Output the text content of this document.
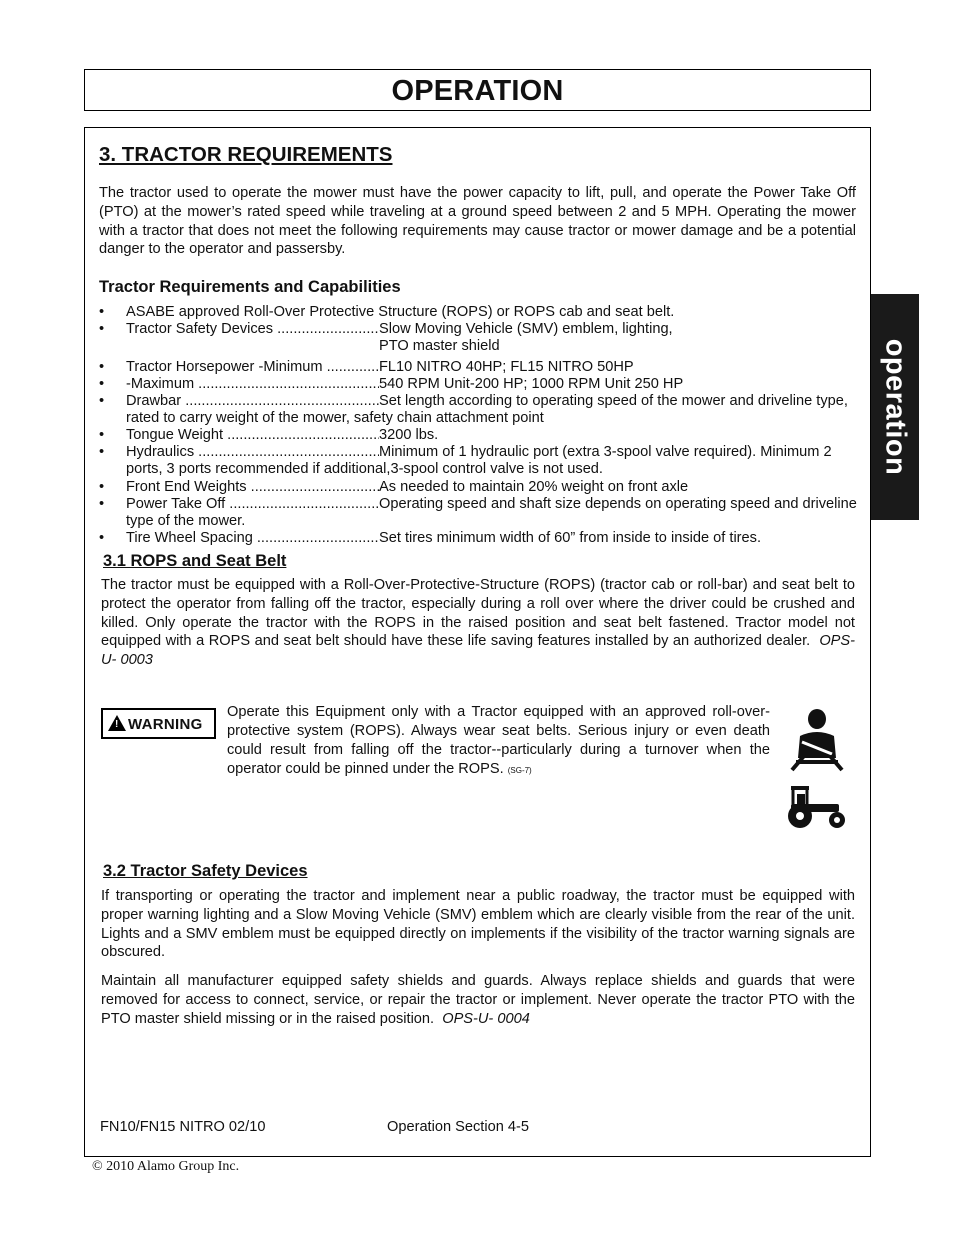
OPERATION
operation
3. TRACTOR REQUIREMENTS
The tractor used to operate the mower must have the power capacity to lift, pull, and operate the Power Take Off (PTO) at the mower’s rated speed while traveling at a ground speed between 2 and 5 MPH. Operating the mower with a tractor that does not meet the following requirements may cause tractor or mower damage and be a potential danger to the operator and passersby.
Tractor Requirements and Capabilities
• ASABE approved Roll-Over Protective Structure (ROPS) or ROPS cab and seat belt.
• Tractor Safety Devices .....	Slow Moving Vehicle (SMV) emblem, lighting,
PTO master shield
• Tractor Horsepower -Minimum .....	FL10 NITRO 40HP; FL15 NITRO 50HP
• -Maximum .....	540 RPM Unit-200 HP; 1000 RPM Unit 250 HP
• Drawbar .....	Set length according to operating speed of the mower and driveline type, rated to carry weight of the mower, safety chain attachment point
• Tongue Weight .....	3200 lbs.
• Hydraulics .....	Minimum of 1 hydraulic port (extra 3-spool valve required). Minimum 2 ports, 3 ports recommended if additional,3-spool control valve is not used.
• Front End Weights .....	As needed to maintain 20% weight on front axle
• Power Take Off .....	Operating speed and shaft size depends on operating speed and driveline type of the mower.
• Tire Wheel Spacing .....	Set tires minimum width of 60” from inside to inside of tires.
3.1 ROPS and Seat Belt
The tractor must be equipped with a Roll-Over-Protective-Structure (ROPS) (tractor cab or roll-bar) and seat belt to protect the operator from falling off the tractor, especially during a roll over where the driver could be crushed and killed. Only operate the tractor with the ROPS in the raised position and seat belt fastened. Tractor model not equipped with a ROPS and seat belt should have these life saving features installed by an authorized dealer. OPS-U- 0003
! WARNING
Operate this Equipment only with a Tractor equipped with an approved roll-over-protective system (ROPS). Always wear seat belts. Serious injury or even death could result from falling off the tractor--particularly during a turnover when the operator could be pinned under the ROPS. (SG-7)
3.2 Tractor Safety Devices
If transporting or operating the tractor and implement near a public roadway, the tractor must be equipped with proper warning lighting and a Slow Moving Vehicle (SMV) emblem which are clearly visible from the rear of the unit. Lights and a SMV emblem must be equipped directly on implements if the visibility of the tractor warning signals are obscured.
Maintain all manufacturer equipped safety shields and guards. Always replace shields and guards that were removed for access to connect, service, or repair the tractor or implement. Never operate the tractor PTO with the PTO master shield missing or in the raised position. OPS-U- 0004
FN10/FN15 NITRO 02/10	Operation Section 4-5
© 2010 Alamo Group Inc.
